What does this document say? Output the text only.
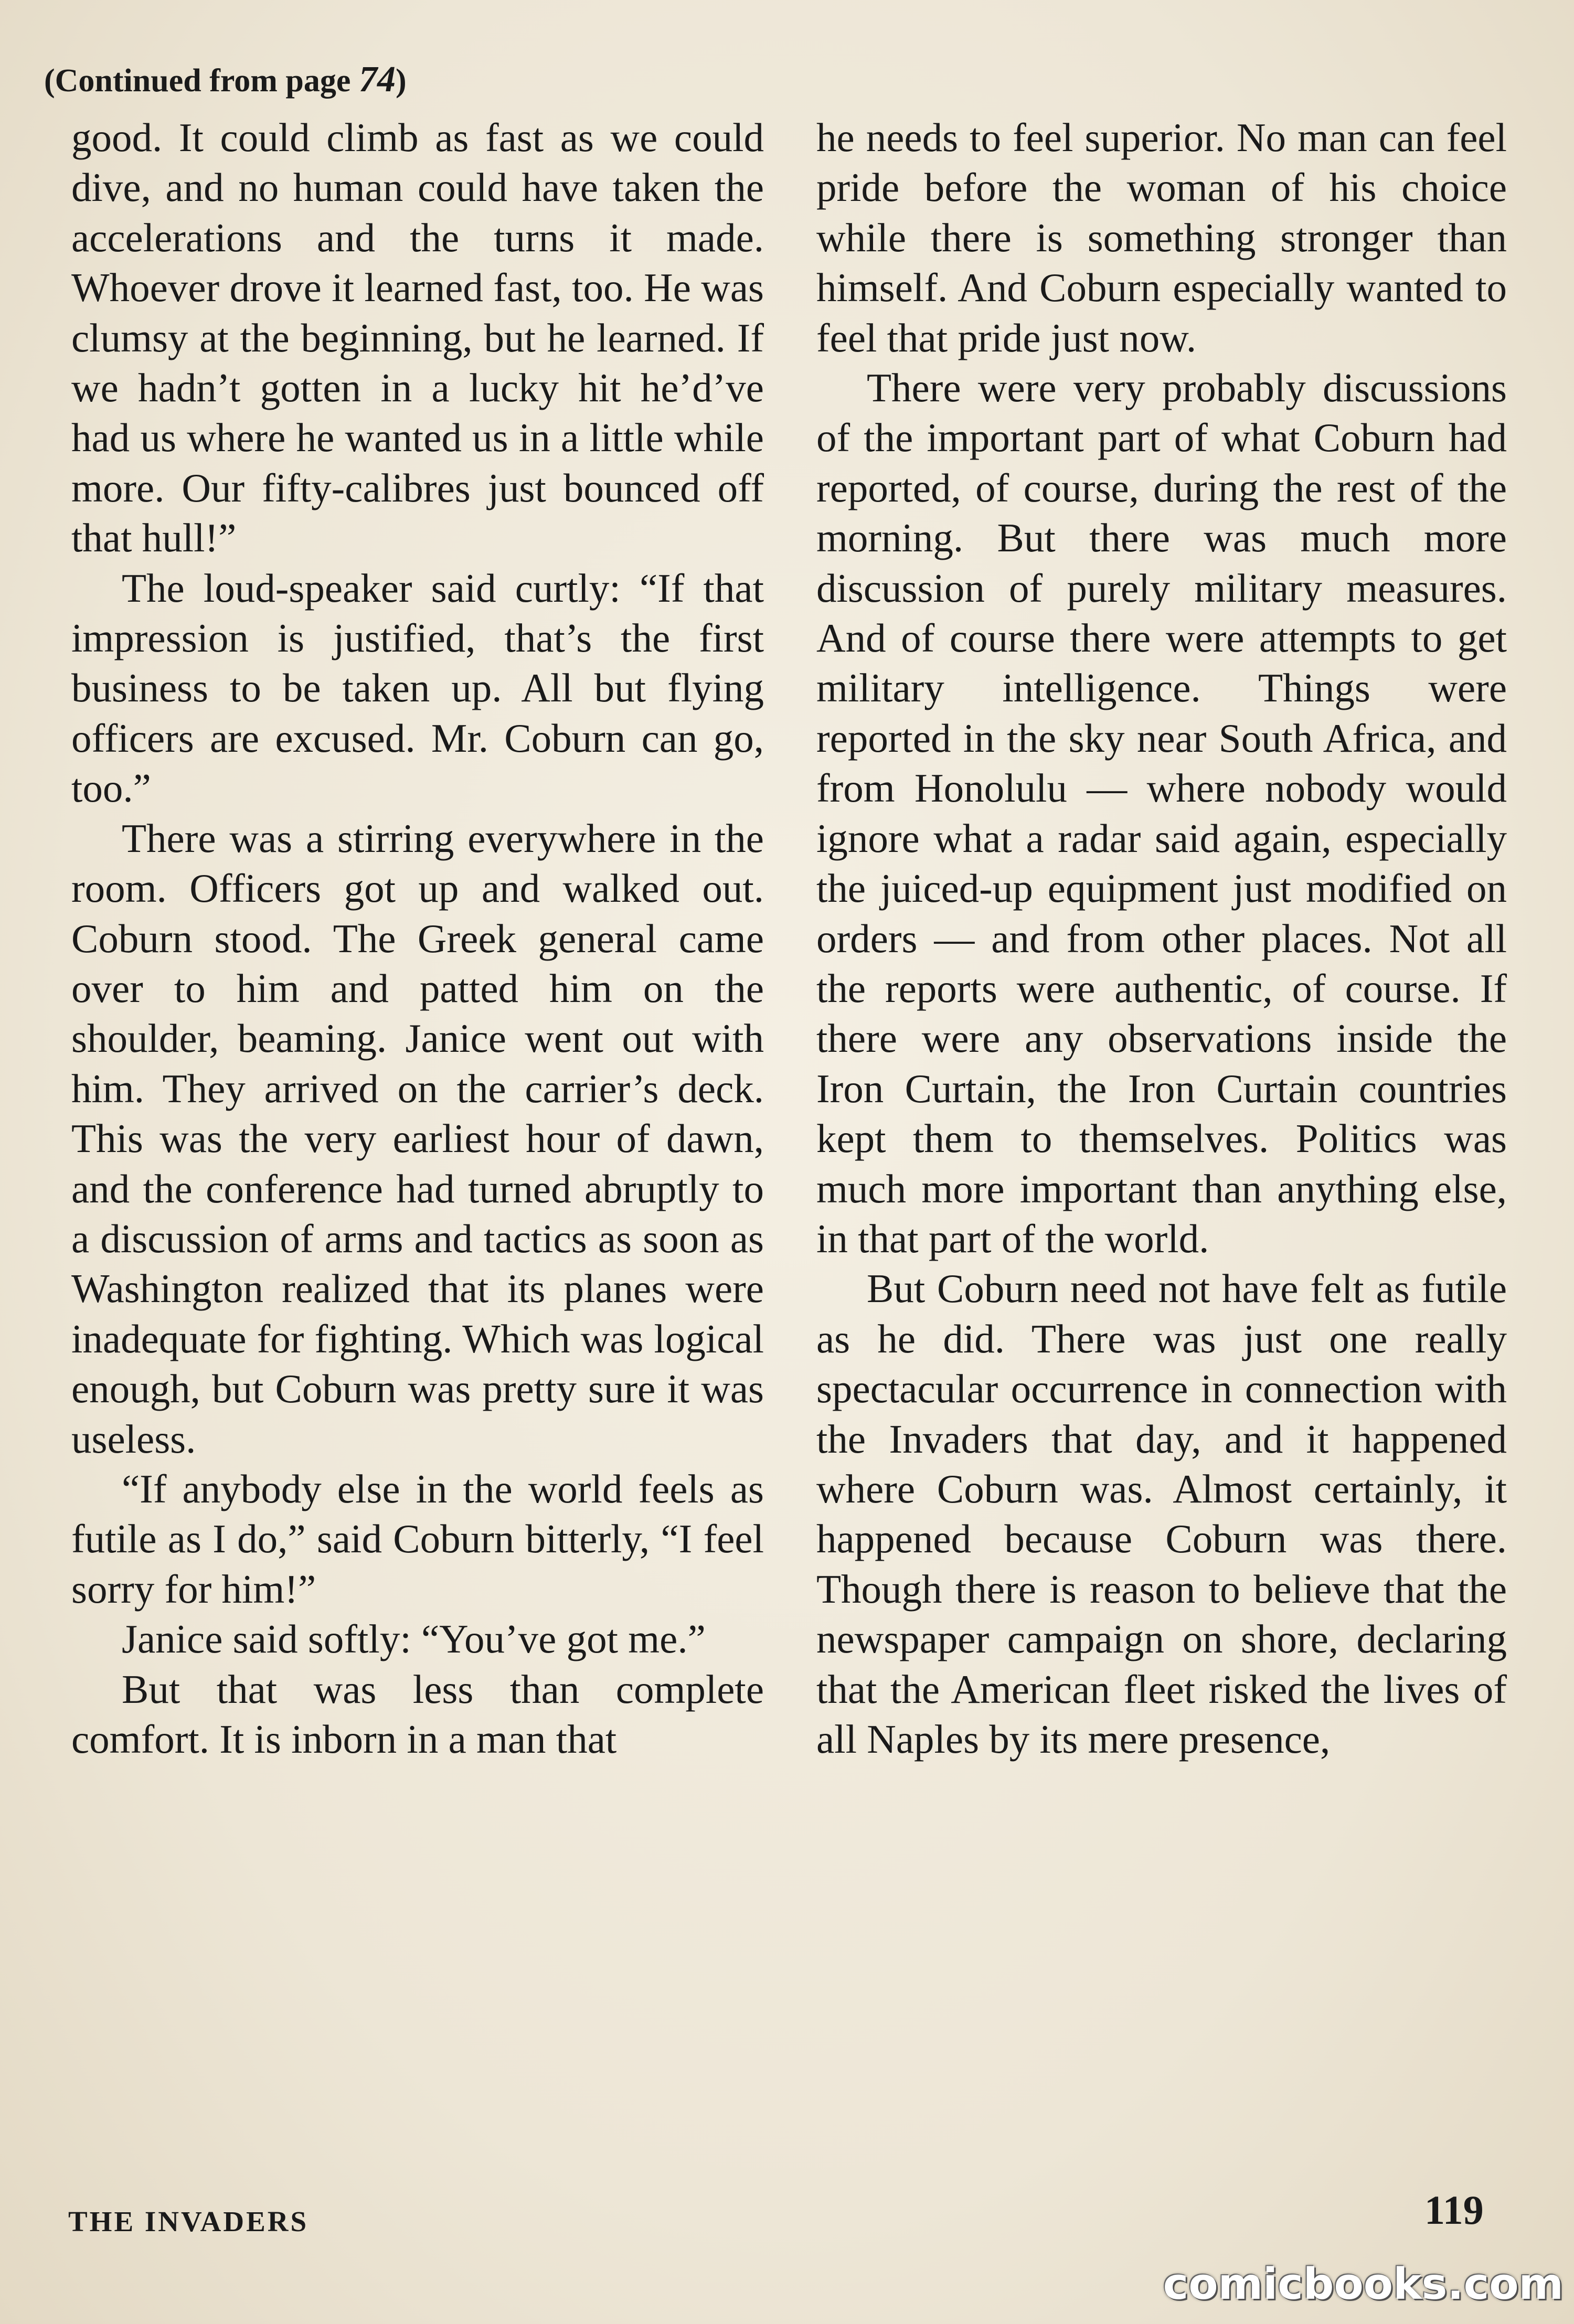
(Continued from page 74)

good. It could climb as fast as we could dive, and no human could have taken the accelerations and the turns it made. Whoever drove it learned fast, too. He was clumsy at the beginning, but he learned. If we hadn’t gotten in a lucky hit he’d’ve had us where he wanted us in a little while more. Our fifty-calibres just bounced off that hull!”

The loud-speaker said curtly: “If that impression is justified, that’s the first business to be taken up. All but flying officers are excused. Mr. Coburn can go, too.”

There was a stirring everywhere in the room. Officers got up and walked out. Coburn stood. The Greek general came over to him and patted him on the shoulder, beaming. Janice went out with him. They arrived on the carrier’s deck. This was the very earliest hour of dawn, and the conference had turned abruptly to a discussion of arms and tactics as soon as Washington realized that its planes were inadequate for fighting. Which was logical enough, but Coburn was pretty sure it was useless.

“If anybody else in the world feels as futile as I do,” said Coburn bitterly, “I feel sorry for him!”

Janice said softly: “You’ve got me.”

But that was less than complete comfort. It is inborn in a man that

he needs to feel superior. No man can feel pride before the woman of his choice while there is something stronger than himself. And Coburn especially wanted to feel that pride just now.

There were very probably discussions of the important part of what Coburn had reported, of course, during the rest of the morning. But there was much more discussion of purely military measures. And of course there were attempts to get military intelligence. Things were reported in the sky near South Africa, and from Honolulu — where nobody would ignore what a radar said again, especially the juiced-up equipment just modified on orders — and from other places. Not all the reports were authentic, of course. If there were any observations inside the Iron Curtain, the Iron Curtain countries kept them to themselves. Politics was much more important than anything else, in that part of the world.

But Coburn need not have felt as futile as he did. There was just one really spectacular occurrence in connection with the Invaders that day, and it happened where Coburn was. Almost certainly, it happened because Coburn was there. Though there is reason to believe that the newspaper campaign on shore, declaring that the American fleet risked the lives of all Naples by its mere presence,

THE INVADERS	119
comicbooks.com
